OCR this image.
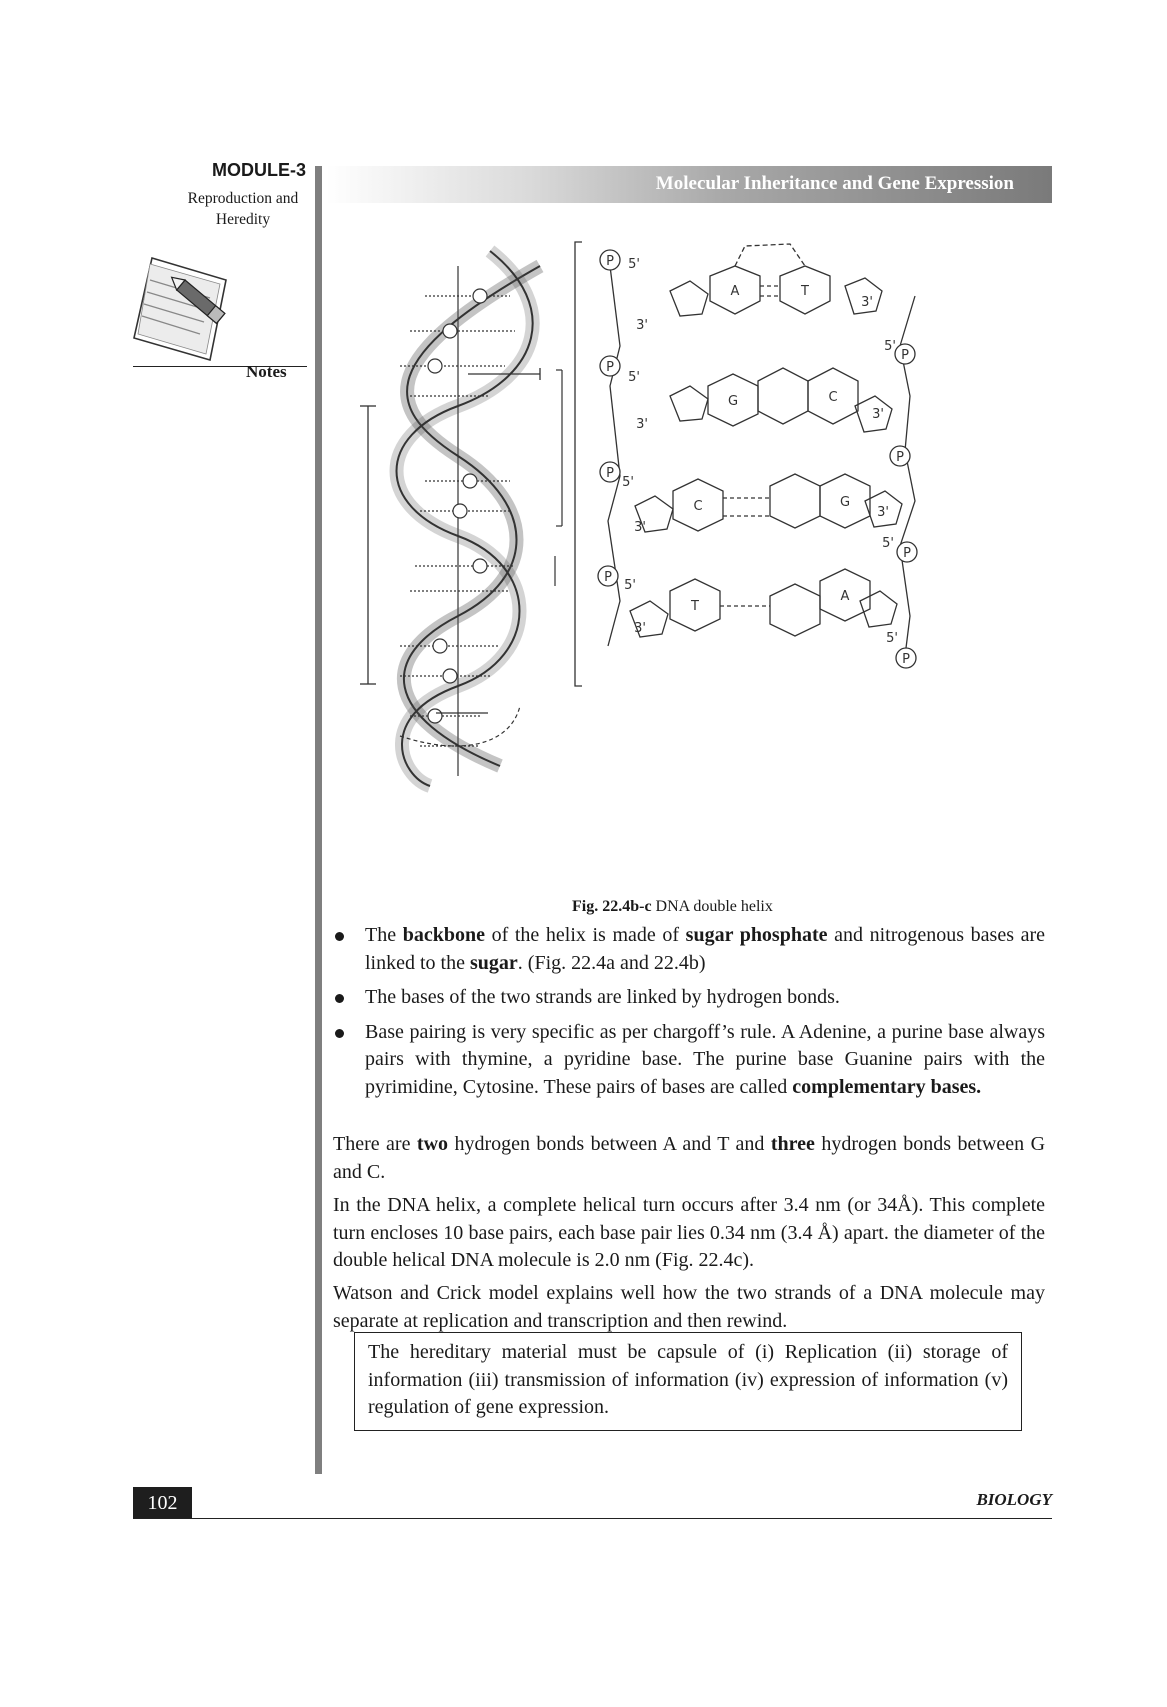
MODULE-3
Reproduction and
Heredity
Notes
Molecular Inheritance and Gene Expression
P
P
P
P
P
P
P
P
5'
3'
5'
3'
5'
3'
3'
5'
3'
3'
5'
5'
3'
5'
A	T
G	C
C	G
T
A
Fig. 22.4b-c DNA double helix
The backbone of the helix is made of sugar phosphate and nitrogenous bases are linked to the sugar. (Fig. 22.4a and 22.4b)
The bases of the two strands are linked by hydrogen bonds.
Base pairing is very specific as per chargoff’s rule. A Adenine, a purine base always pairs with thymine, a pyridine base. The purine base Guanine pairs with the pyrimidine, Cytosine. These pairs of bases are called complementary bases.

There are two hydrogen bonds between A and T and three hydrogen bonds between G and C.

In the DNA helix, a complete helical turn occurs after 3.4 nm (or 34Å). This complete turn encloses 10 base pairs, each base pair lies 0.34 nm (3.4 Å) apart. the diameter of the double helical DNA molecule is 2.0 nm (Fig. 22.4c).

Watson and Crick model explains well how the two strands of a DNA molecule may separate at replication and transcription and then rewind.

The hereditary material must be capsule of (i) Replication (ii) storage of information (iii) transmission of information (iv) expression of information (v) regulation of gene expression.
102	BIOLOGY
